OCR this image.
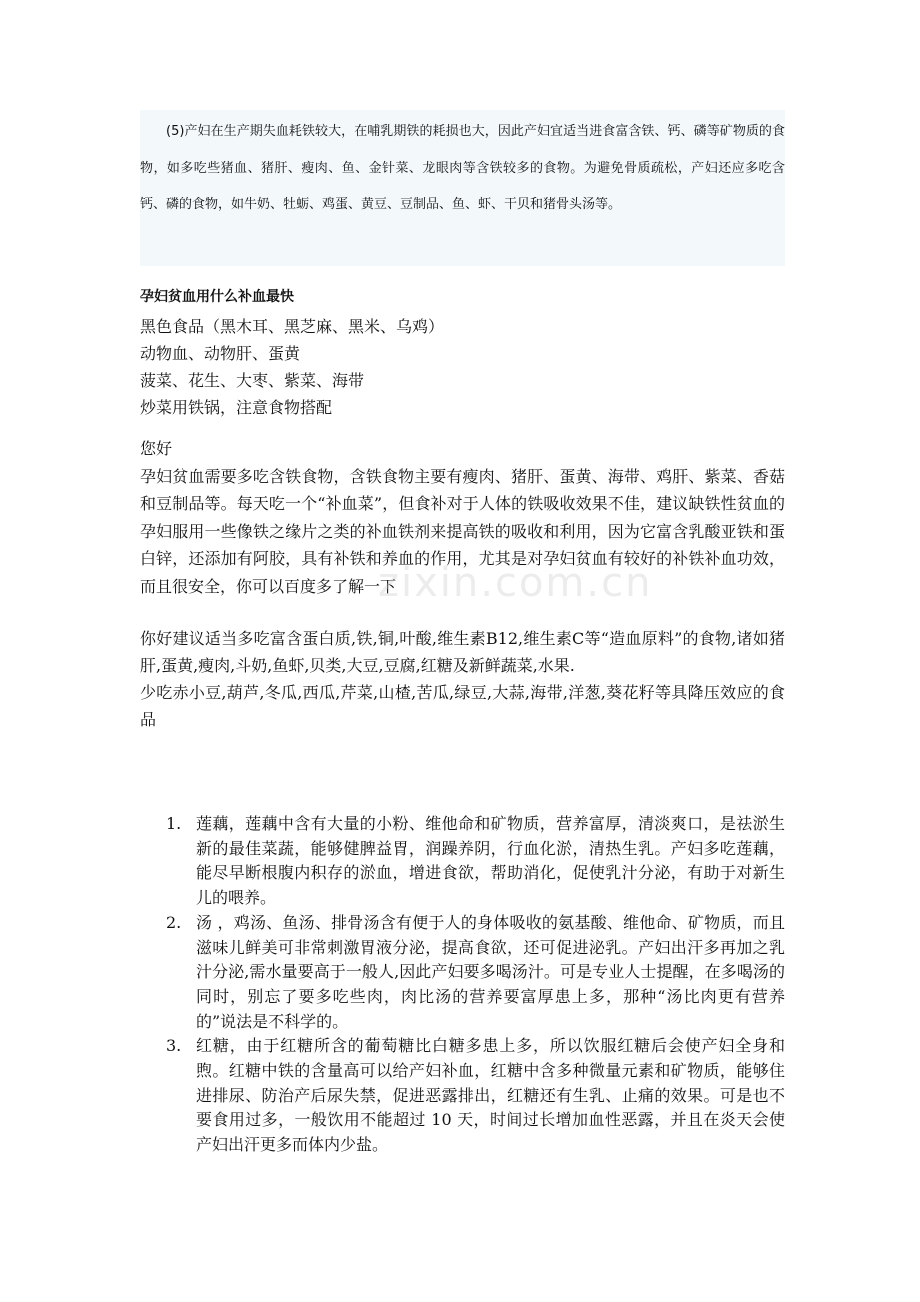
(5)产妇在生产期失血耗铁较大，在哺乳期铁的耗损也大，因此产妇宜适当进食富含铁、钙、磷等矿物质的食物，如多吃些猪血、猪肝、瘦肉、鱼、金针菜、龙眼肉等含铁较多的食物。为避免骨质疏松，产妇还应多吃含钙、磷的食物，如牛奶、牡蛎、鸡蛋、黄豆、豆制品、鱼、虾、干贝和猪骨头汤等。

孕妇贫血用什么补血最快
黑色食品（黑木耳、黑芝麻、黑米、乌鸡）
动物血、动物肝、蛋黄
菠菜、花生、大枣、紫菜、海带
炒菜用铁锅，注意食物搭配

您好

孕妇贫血需要多吃含铁食物，含铁食物主要有瘦肉、猪肝、蛋黄、海带、鸡肝、紫菜、香菇和豆制品等。每天吃一个“补血菜”，但食补对于人体的铁吸收效果不佳，建议缺铁性贫血的孕妇服用一些像铁之缘片之类的补血铁剂来提高铁的吸收和利用，因为它富含乳酸亚铁和蛋白锌，还添加有阿胶，具有补铁和养血的作用，尤其是对孕妇贫血有较好的补铁补血功效，而且很安全，你可以百度多了解一下

你好建议适当多吃富含蛋白质,铁,铜,叶酸,维生素B12,维生素C等“造血原料”的食物,诸如猪肝,蛋黄,瘦肉,斗奶,鱼虾,贝类,大豆,豆腐,红糖及新鲜蔬菜,水果.

少吃赤小豆,葫芦,冬瓜,西瓜,芹菜,山楂,苦瓜,绿豆,大蒜,海带,洋葱,葵花籽等具降压效应的食品

1. 莲藕，莲藕中含有大量的小粉、维他命和矿物质，营养富厚，清淡爽口，是祛淤生新的最佳菜蔬，能够健脾益胃，润躁养阴，行血化淤，清热生乳。产妇多吃莲藕，能尽早断根腹内积存的淤血，增进食欲，帮助消化，促使乳汁分泌，有助于对新生儿的喂养。
2. 汤 ，鸡汤、鱼汤、排骨汤含有便于人的身体吸收的氨基酸、维他命、矿物质，而且滋味儿鲜美可非常刺激胃液分泌，提高食欲，还可促进泌乳。产妇出汗多再加之乳汁分泌,需水量要高于一般人,因此产妇要多喝汤汁。可是专业人士提醒，在多喝汤的同时，别忘了要多吃些肉，肉比汤的营养要富厚患上多，那种“汤比肉更有营养的”说法是不科学的。
3. 红糖，由于红糖所含的葡萄糖比白糖多患上多，所以饮服红糖后会使产妇全身和煦。红糖中铁的含量高可以给产妇补血，红糖中含多种微量元素和矿物质，能够住进排尿、防治产后尿失禁，促进恶露排出，红糖还有生乳、止痛的效果。可是也不要食用过多，一般饮用不能超过 10 天，时间过长增加血性恶露，并且在炎天会使产妇出汗更多而体内少盐。
zixin.com.cn
